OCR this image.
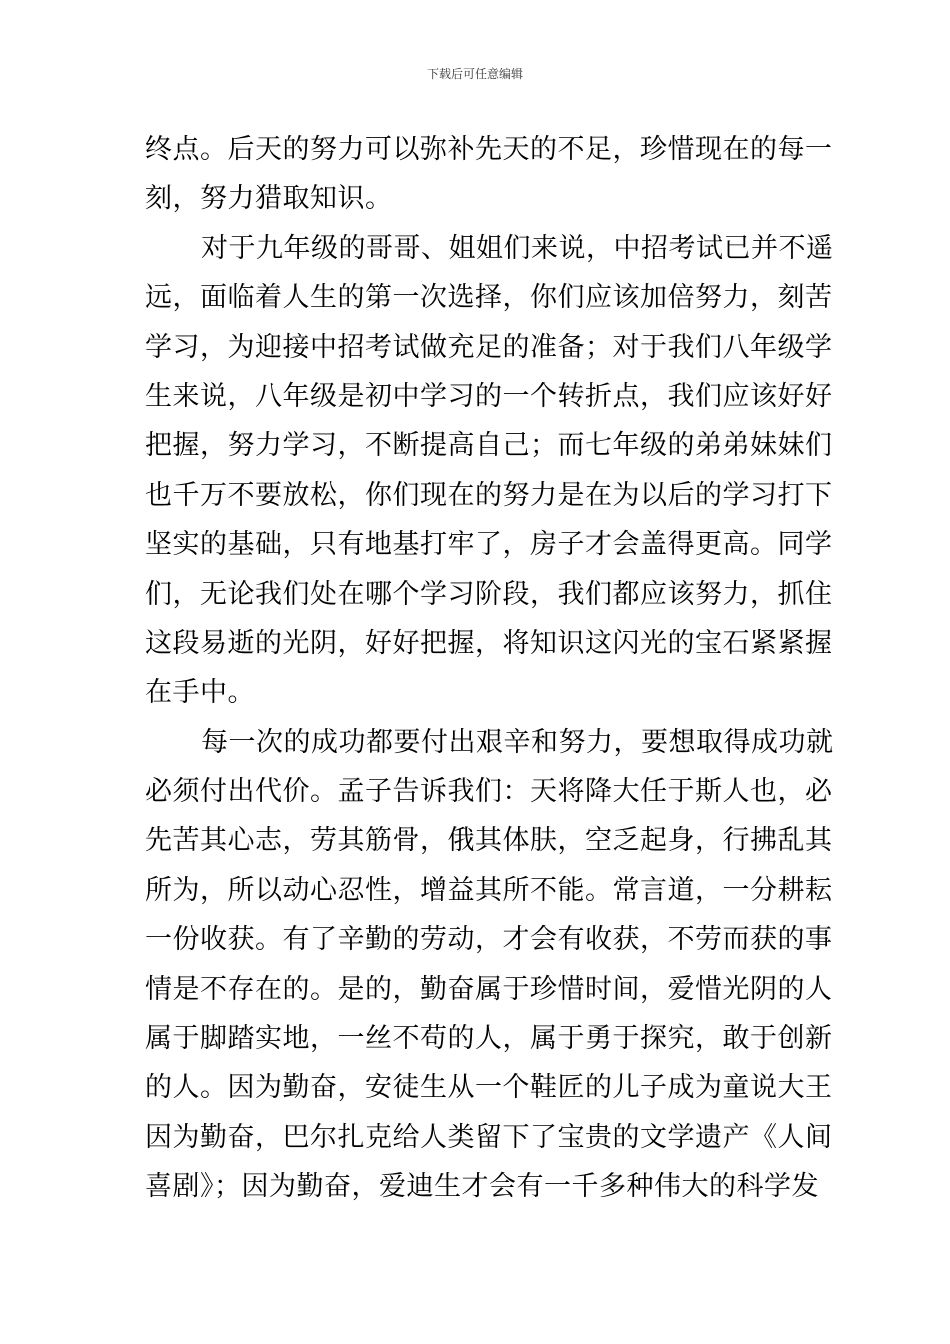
下载后可任意编辑
终点。后天的努力可以弥补先天的不足，珍惜现在的每一
刻，努力猎取知识。
对于九年级的哥哥、姐姐们来说，中招考试已并不遥
远，面临着人生的第一次选择，你们应该加倍努力，刻苦
学习，为迎接中招考试做充足的准备；对于我们八年级学
生来说，八年级是初中学习的一个转折点，我们应该好好
把握，努力学习，不断提高自己；而七年级的弟弟妹妹们
也千万不要放松，你们现在的努力是在为以后的学习打下
坚实的基础，只有地基打牢了，房子才会盖得更高。同学
们，无论我们处在哪个学习阶段，我们都应该努力，抓住
这段易逝的光阴，好好把握，将知识这闪光的宝石紧紧握
在手中。
每一次的成功都要付出艰辛和努力，要想取得成功就
必须付出代价。孟子告诉我们：天将降大任于斯人也，必
先苦其心志，劳其筋骨，俄其体肤，空乏起身，行拂乱其
所为，所以动心忍性，增益其所不能。常言道，一分耕耘
一份收获。有了辛勤的劳动，才会有收获，不劳而获的事
情是不存在的。是的，勤奋属于珍惜时间，爱惜光阴的人
属于脚踏实地，一丝不苟的人，属于勇于探究，敢于创新
的人。因为勤奋，安徒生从一个鞋匠的儿子成为童说大王
因为勤奋，巴尔扎克给人类留下了宝贵的文学遗产《人间
喜剧》；因为勤奋，爱迪生才会有一千多种伟大的科学发
